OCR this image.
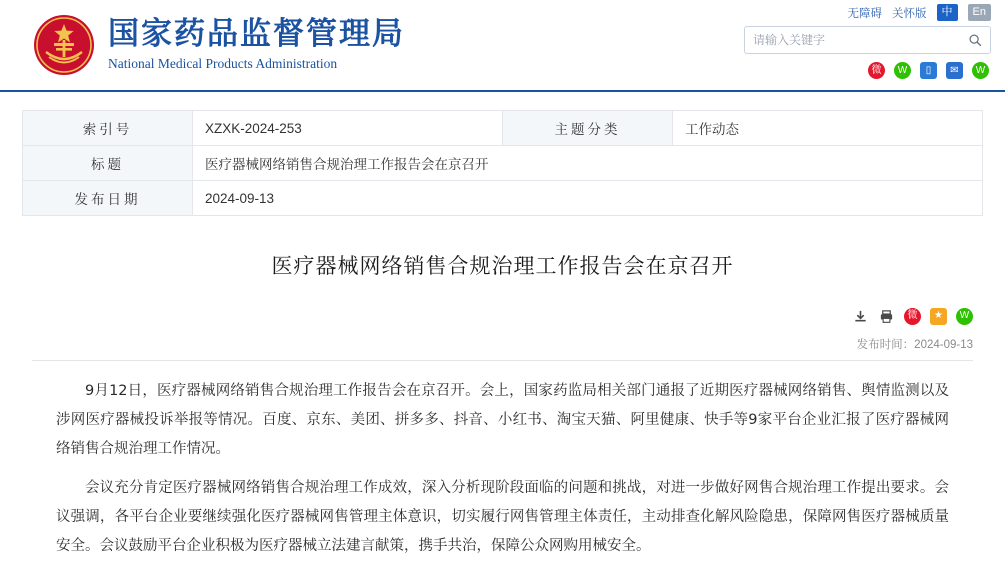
国家药品监督管理局
National Medical Products Administration
无障碍 关怀版	中	En
请输入关键字
微	W	▯	✉	W
索引号	XZXK-2024-253	主题分类	工作动态
标题	医疗器械网络销售合规治理工作报告会在京召开		
发布日期	2024-09-13		
医疗器械网络销售合规治理工作报告会在京召开
微	★	W
发布时间：2024-09-13

9月12日，医疗器械网络销售合规治理工作报告会在京召开。会上，国家药监局相关部门通报了近期医疗器械网络销售、舆情监测以及涉网医疗器械投诉举报等情况。百度、京东、美团、拼多多、抖音、小红书、淘宝天猫、阿里健康、快手等9家平台企业汇报了医疗器械网络销售合规治理工作情况。

会议充分肯定医疗器械网络销售合规治理工作成效，深入分析现阶段面临的问题和挑战，对进一步做好网售合规治理工作提出要求。会议强调，各平台企业要继续强化医疗器械网售管理主体意识，切实履行网售管理主体责任，主动排查化解风险隐患，保障网售医疗器械质量安全。会议鼓励平台企业积极为医疗器械立法建言献策，携手共治，保障公众网购用械安全。
